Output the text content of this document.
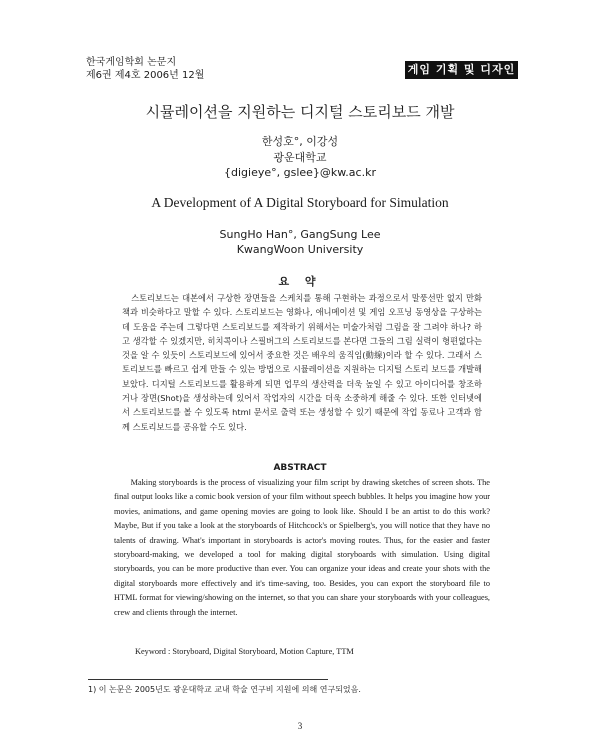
한국게임학회 논문지
제6권 제4호 2006년 12월	게임 기획 및 디자인
시뮬레이션을 지원하는 디지털 스토리보드 개발
한성호°, 이강성
광운대학교
{digieye°, gslee}@kw.ac.kr
A Development of A Digital Storyboard for Simulation
SungHo Han°, GangSung Lee
KwangWoon University
요 약

스토리보드는 대본에서 구상한 장면들을 스케치를 통해 구현하는 과정으로서 말풍선만 없지 만화책과 비슷하다고 말할 수 있다. 스토리보드는 영화나, 애니메이션 및 게임 오프닝 동영상을 구상하는데 도움을 주는데 그렇다면 스토리보드를 제작하기 위해서는 미술가처럼 그림을 잘 그려야 하나? 하고 생각할 수 있겠지만, 히치콕이나 스필버그의 스토리보드를 본다면 그들의 그림 실력이 형편없다는 것을 알 수 있듯이 스토리보드에 있어서 중요한 것은 배우의 움직임(動線)이라 할 수 있다. 그래서 스토리보드를 빠르고 쉽게 만들 수 있는 방법으로 시뮬레이션을 지원하는 디지털 스토리 보드를 개발해보았다. 디지털 스토리보드를 활용하게 되면 업무의 생산력을 더욱 높일 수 있고 아이디어를 창조하거나 장면(Shot)을 생성하는데 있어서 작업자의 시간을 더욱 소중하게 해줄 수 있다. 또한 인터넷에서 스토리보드를 볼 수 있도록 html 문서로 출력 또는 생성할 수 있기 때문에 작업 동료나 고객과 함께 스토리보드를 공유할 수도 있다.

ABSTRACT

Making storyboards is the process of visualizing your film script by drawing sketches of screen shots. The final output looks like a comic book version of your film without speech bubbles. It helps you imagine how your movies, animations, and game opening movies are going to look like. Should I be an artist to do this work? Maybe, But if you take a look at the storyboards of Hitchcock's or Spielberg's, you will notice that they have no talents of drawing. What's important in storyboards is actor's moving routes. Thus, for the easier and faster storyboard-making, we developed a tool for making digital storyboards with simulation. Using digital storyboards, you can be more productive than ever. You can organize your ideas and create your shots with the digital storyboards more effectively and it's time-saving, too. Besides, you can export the storyboard file to HTML format for viewing/showing on the internet, so that you can share your storyboards with your colleagues, crew and clients through the internet.

Keyword : Storyboard, Digital Storyboard, Motion Capture, TTM
1) 이 논문은 2005년도 광운대학교 교내 학술 연구비 지원에 의해 연구되었음.
3
